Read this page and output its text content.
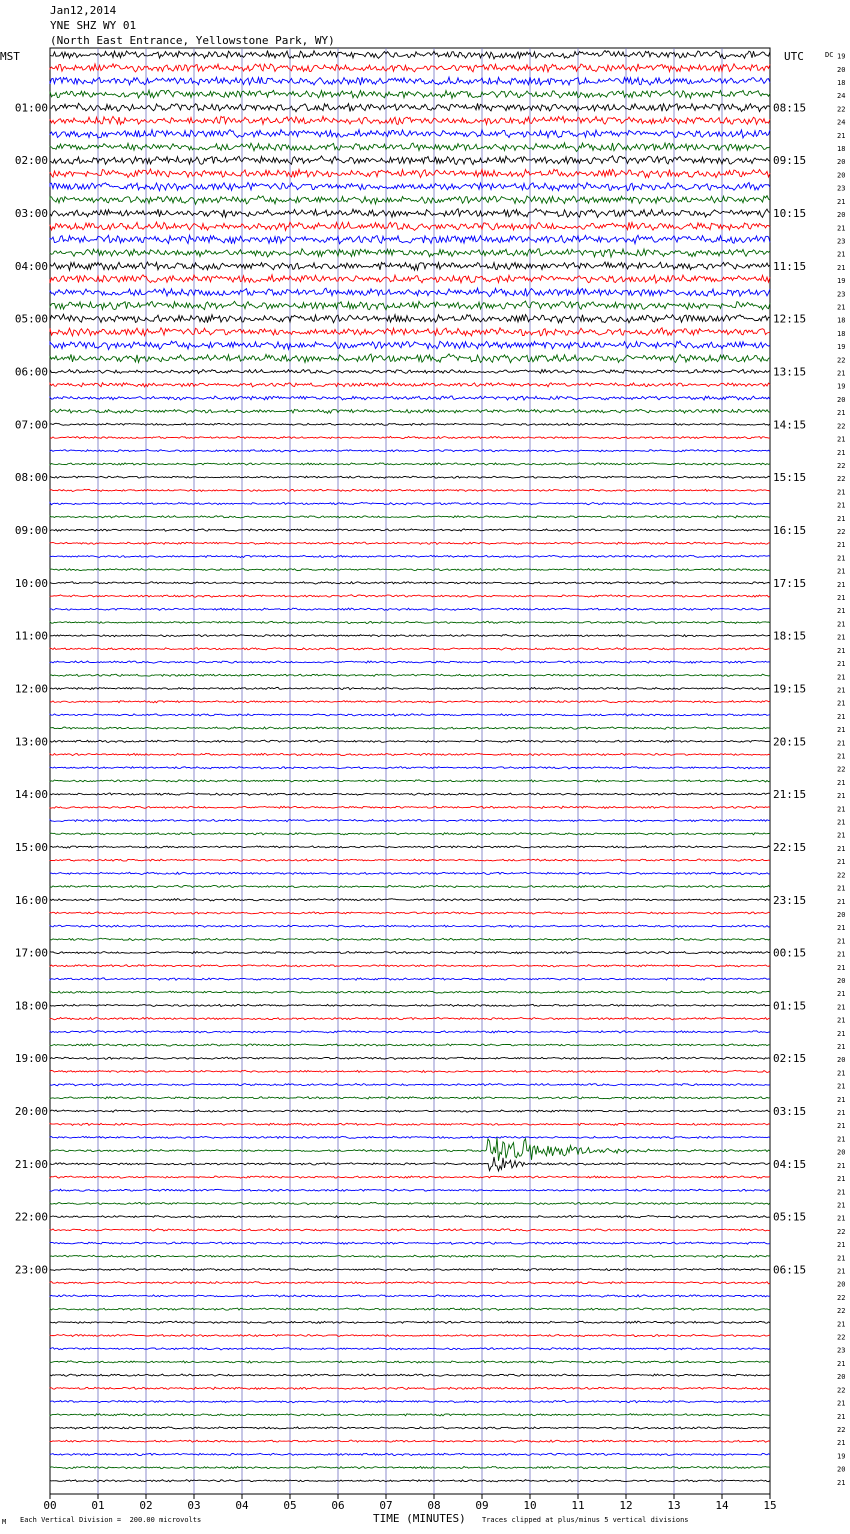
Jan12,2014
YNE SHZ WY 01
(North East Entrance, Yellowstone Park, WY)
19
20
18
24
22
24
21
18
20
20
23
21
20
21
23
21
21
19
23
21
18
18
19
22
21
19
20
21
22
21
21
22
22
21
21
21
22
21
21
21
21
21
21
21
21
21
21
21
21
21
21
21
21
21
22
21
21
21
21
21
21
21
22
21
21
20
21
21
21
21
20
21
21
21
21
21
20
21
21
21
21
21
21
20
21
21
21
21
21
22
21
21
21
20
22
22
21
22
23
21
20
22
21
21
22
21
19
20
21
MST	UTC	DC
01:00	08:15
02:00	09:15
03:00	10:15
04:00	11:15
05:00	12:15
06:00	13:15
07:00	14:15
08:00	15:15
09:00	16:15
10:00	17:15
11:00	18:15
12:00	19:15
13:00	20:15
14:00	21:15
15:00	22:15
16:00	23:15
17:00	00:15
18:00	01:15
19:00	02:15
20:00	03:15
21:00	04:15
22:00	05:15
23:00	06:15
00	01	02	03	04	05	06	07	08	09	10	11	12	13	14	15
TIME (MINUTES)
Each Vertical Division =  200.00 microvolts	Traces clipped at plus/minus 5 vertical divisions
M
